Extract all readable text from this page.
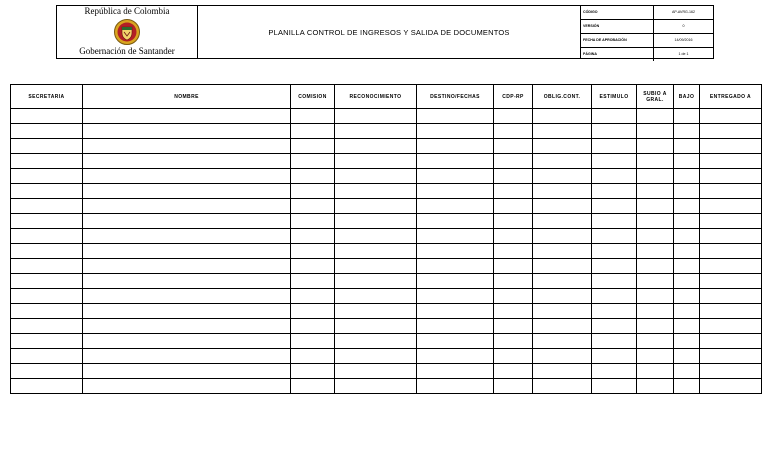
República de Colombia
Gobernación de Santander
PLANILLA CONTROL DE INGRESOS Y SALIDA DE DOCUMENTOS
CÓDIGO	AP-AVRG-162
VERSIÓN	0
FECHA DE APROBACIÓN	14/09/2016
PÁGINA	1 de 1
SECRETARIA	NOMBRE	COMISION	RECONOCIMIENTO	DESTINO/FECHAS	CDP-RP	OBLIG.CONT.	ESTIMULO	SUBIO A GRAL.	BAJO	ENTREGADO A
